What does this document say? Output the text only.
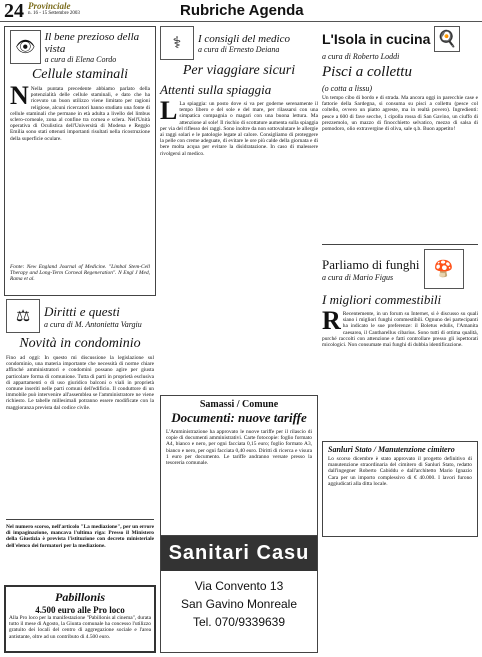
24 Provinciale
n. 16 - 15 Settembre 2003	Rubriche Agenda
👁
Il bene prezioso della vista
a cura di Elena Cordo
Cellule staminali
N Nella puntata precedente abbiamo parlato della potenzialità delle cellule staminali, e dato che ha ricevuto un buon utilizzo viene limitato per ragioni religiose, alcuni ricercatori hanno studiato una fonte di cellule staminali che permane in età adulta a livello del limbus sclero-corneale, zona al confine tra cornea e sclera. Nell'Unità operativa di Oculistica dell'Università di Modena e Reggio Emilia sono stati ottenuti importanti risultati nella ricostruzione della superficie oculare.
Fonte: New England Journal of Medicine. "Limbal Stem-Cell Therapy and Long-Term Corneal Regeneration". N Engl J Med, Rama et al.
⚖	Diritti e questi
a cura di M. Antonietta Vargiu
Novità in condominio
Fino ad oggi: In questo mi discussione la legislazione sul condominio, una materia importante che necessità di norme chiare affinché amministratori e condomini possano agire per giusta particolare forma di comunione. Tutta di parti in proprietà esclusiva di appartamenti o di uso giuridico balconi o viali in proprietà comune inseriti nelle parti comuni dell'edificio. Il conduttore di un immobile può intervenire all'assemblea se l'amministratore ne viene richiesto. Le tabelle millesimali potranno essere modificate con la maggioranza prevista dal codice civile.
Nel numero scorso, nell'articolo "La mediazione", per un errore di impaginazione, mancava l'ultima riga: Presso il Ministero della Giustizia è prevista l'istituzione con decreto ministeriale dell'elenco dei formatori per la mediazione.
Pabillonis
4.500 euro alle Pro loco
Alla Pro loco per la manifestazione "Pabillonis al cinema", durata tutto il mese di Agosto, la Giunta comunale ha concesso l'utilizzo gratuito dei locali del centro di aggregazione sociale e l'area antistante, oltre ad un contributo di 4.500 euro.
⚕	I consigli del medico
a cura di Ernesto Deiana
Per viaggiare sicuri
Attenti sulla spiaggia
L La spiaggia: un posto dove si va per goderne serenamente il tempo libero e del sole e del mare, per rilassarsi con una simpatica compagnia o magari con una buona lettura. Ma attenzione al sole! Il rischio di scottature aumenta sulla spiaggia per via del riflesso dei raggi. Sono inoltre da non sottovalutare le allergie ai raggi solari e le patologie legate al calore. Consigliamo di proteggere la pelle con creme adeguate, di evitare le ore più calde della giornata e di bere molta acqua per evitare la disidratazione. In caso di malessere rivolgersi al medico.
Samassi / Comune
Documenti: nuove tariffe
L'Amministrazione ha approvato le nuove tariffe per il rilascio di copie di documenti amministrativi. Carte fotocopie: foglio formato A4, bianco e nero, per ogni facciata 0,15 euro; foglio formato A3, bianco e nero, per ogni facciata 0,40 euro. Diritti di ricerca e visura 1 euro per documento. Le tariffe andranno versate presso la tesoreria comunale.
Sanitari Casu
Via Convento 13
San Gavino Monreale
Tel. 070/9339639
L'Isola in cucina 🍳
a cura di Roberto Loddi
Pisci a collettu
(o cotta a lissu)
Un tempo cibo di bordo e di strada. Ma ancora oggi in parecchie case e fattorie della Sardegna, si consuma su pisci a collettu (pesce col coltello, ovvero un piatto agreste, ma in realtà povero). Ingredienti: pesce a 600 di fave secche, 1 cipolla rossa di San Gavino, un ciuffo di prezzemolo, un mazzo di finocchietto selvatico, mezzo di salsa di pomodoro, olio extravergine di oliva, sale q.b. Buon appetito!
Parliamo di funghi
a cura di Mario Figus	🍄
I migliori commestibili
R Recentemente, in un forum su Internet, si è discusso su quali siano i migliori funghi commestibili. Ognuno dei partecipanti ha indicato le sue preferenze: il Boletus edulis, l'Amanita caesarea, il Cantharellus cibarius. Sono tutti di ottima qualità, purché raccolti con attenzione e fatti controllare presso gli ispettorati micologici. Non consumate mai funghi di dubbia identificazione.
Sanluri Stato / Manutenzione cimitero
Lo scorso dicembre è stato approvato il progetto definitivo di manutenzione straordinaria del cimitero di Sanluri Stato, redatto dall'ingegner Roberto Cabiddu e dall'architetto Mario Ignazio Cara per un importo complessivo di € 40.000. I lavori furono aggiudicati alla ditta locale.
